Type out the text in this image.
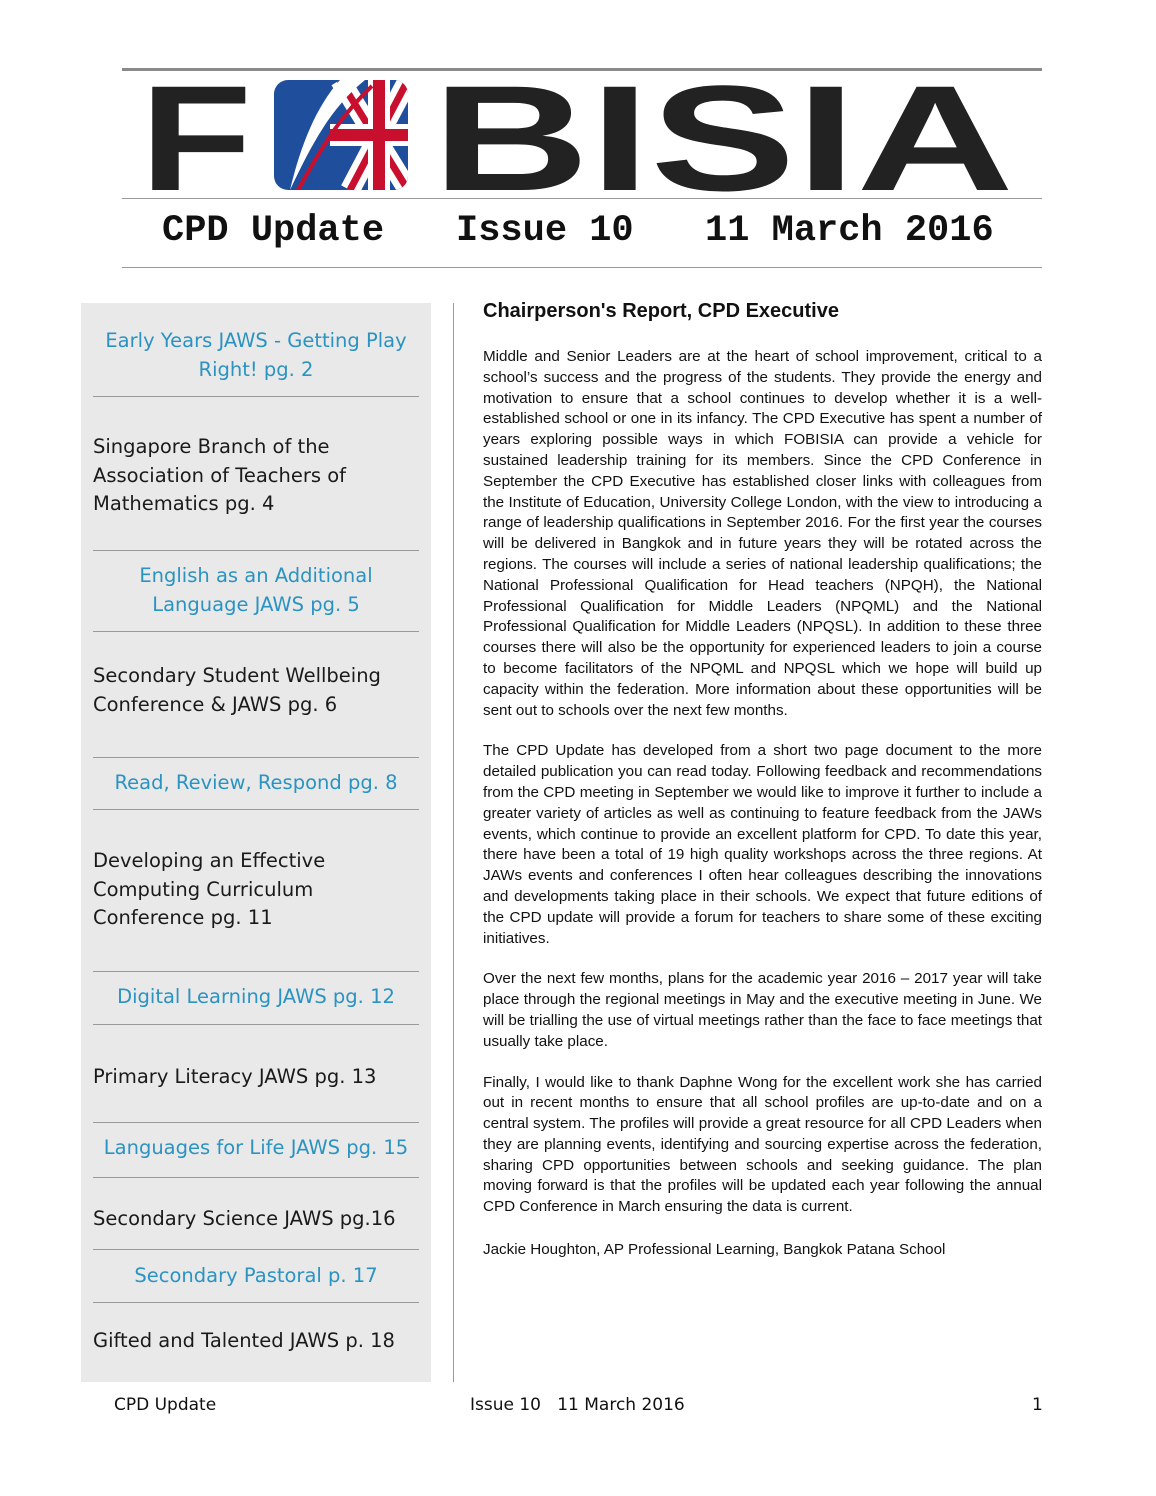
F BISIA

CPD Update

Issue 10

11 March 2016

Early Years JAWS - Getting Play Right! pg. 2
Singapore Branch of the Association of Teachers of Mathematics pg. 4
English as an Additional Language JAWS pg. 5
Secondary Student Wellbeing Conference & JAWS pg. 6
Read, Review, Respond pg. 8
Developing an Effective Computing Curriculum Conference pg. 11
Digital Learning JAWS pg. 12
Primary Literacy JAWS pg. 13
Languages for Life JAWS pg. 15
Secondary Science JAWS pg.16
Secondary Pastoral p. 17
Gifted and Talented JAWS p. 18
Chairperson's Report, CPD Executive

Middle and Senior Leaders are at the heart of school improvement, critical to a school’s success and the progress of the students. They provide the energy and motivation to ensure that a school continues to develop whether it is a well-established school or one in its infancy. The CPD Executive has spent a number of years exploring possible ways in which FOBISIA can provide a vehicle for sustained leadership training for its members. Since the CPD Conference in September the CPD Executive has established closer links with colleagues from the Institute of Education, University College London, with the view to introducing a range of leadership qualifications in September 2016. For the first year the courses will be delivered in Bangkok and in future years they will be rotated across the regions. The courses will include a series of national leadership qualifications; the National Professional Qualification for Head teachers (NPQH), the National Professional Qualification for Middle Leaders (NPQML) and the National Professional Qualification for Middle Leaders (NPQSL). In addition to these three courses there will also be the opportunity for experienced leaders to join a course to become facilitators of the NPQML and NPQSL which we hope will build up capacity within the federation. More information about these opportunities will be sent out to schools over the next few months.

The CPD Update has developed from a short two page document to the more detailed publication you can read today. Following feedback and recommendations from the CPD meeting in September we would like to improve it further to include a greater variety of articles as well as continuing to feature feedback from the JAWs events, which continue to provide an excellent platform for CPD. To date this year, there have been a total of 19 high quality workshops across the three regions. At JAWs events and conferences I often hear colleagues describing the innovations and developments taking place in their schools. We expect that future editions of the CPD update will provide a forum for teachers to share some of these exciting initiatives.

Over the next few months, plans for the academic year 2016 – 2017 year will take place through the regional meetings in May and the executive meeting in June. We will be trialling the use of virtual meetings rather than the face to face meetings that usually take place.

Finally, I would like to thank Daphne Wong for the excellent work she has carried out in recent months to ensure that all school profiles are up-to-date and on a central system. The profiles will provide a great resource for all CPD Leaders when they are planning events, identifying and sourcing expertise across the federation, sharing CPD opportunities between schools and seeking guidance. The plan moving forward is that the profiles will be updated each year following the annual CPD Conference in March ensuring the data is current.

Jackie Houghton, AP Professional Learning, Bangkok Patana School

CPD Update	Issue 10   11 March 2016	1
